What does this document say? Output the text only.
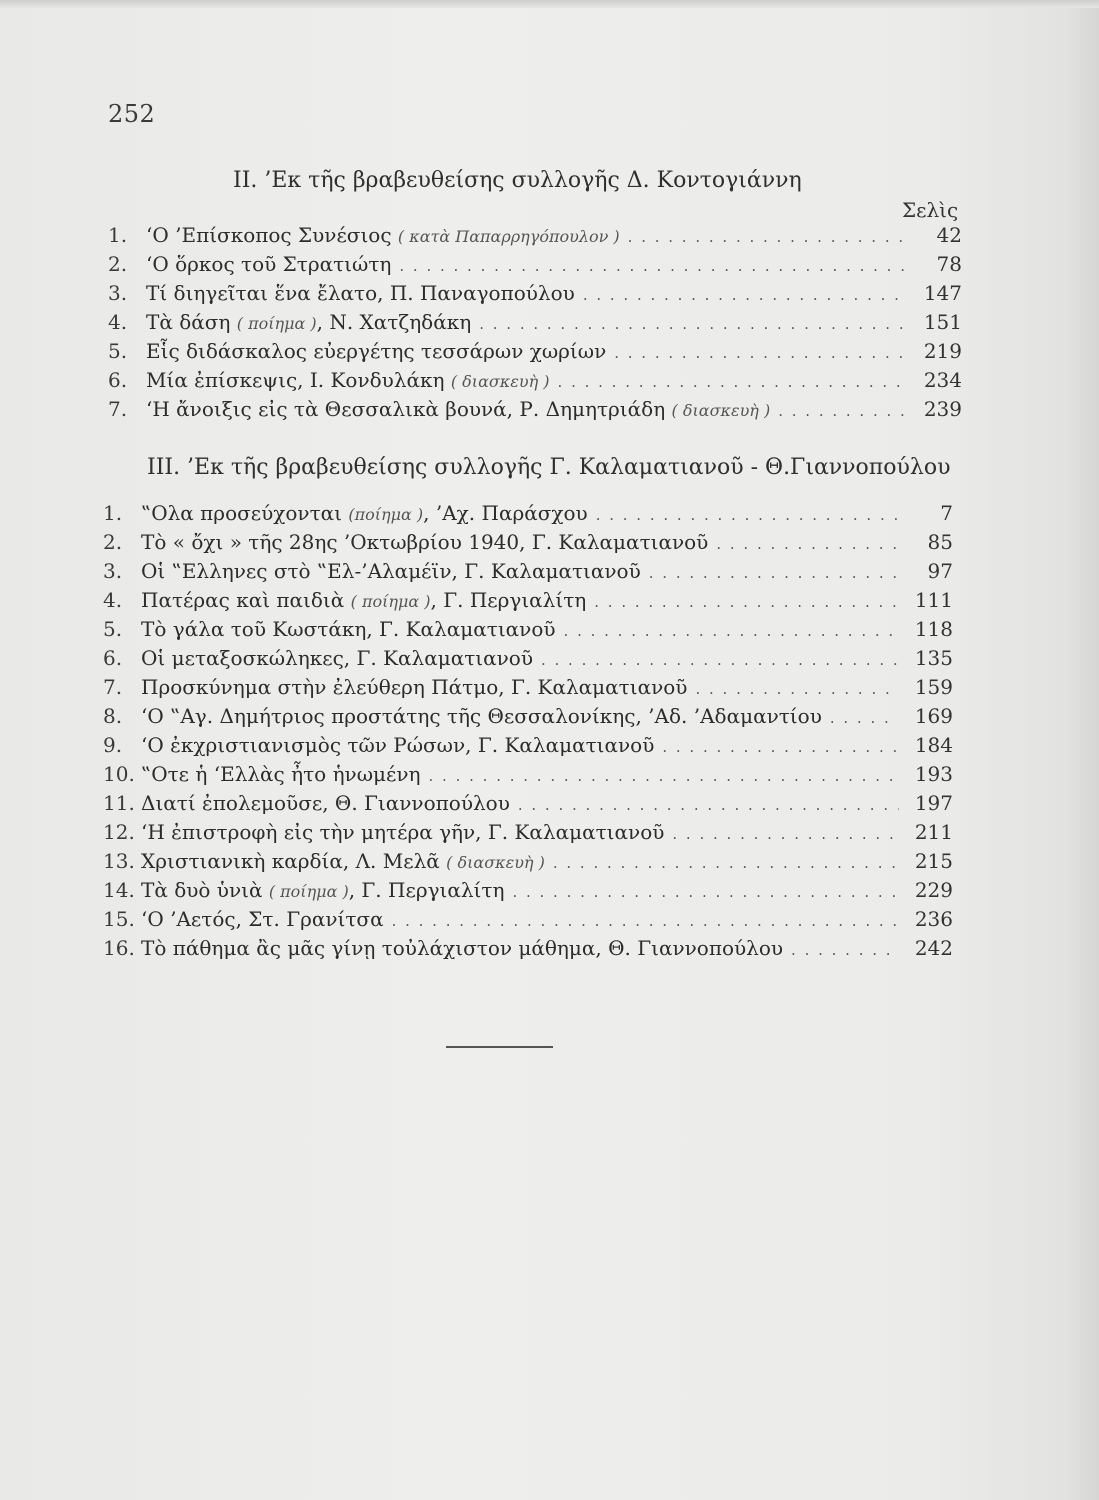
252
II. ’Εκ τῆς βραβευθείσης συλλογῆς Δ. Κοντογιάννη
Σελὶς
1. ‘Ο ’Επίσκοπος Συνέσιος
( κατὰ Παπαρρηγόπουλον ) . . .	42
2. ‘Ο ὅρκος τοῦ Στρατιώτη . . .	78
3. Τί διηγεῖται ἕνα ἔλατο, Π. Παναγοπούλου . . .	147
4. Τὰ δάση
( ποίημα ) , Ν. Χατζηδάκη . . .	151
5. Εἷς διδάσκαλος εὐεργέτης τεσσάρων χωρίων . . .	219
6. Μία ἐπίσκεψις, Ι. Κονδυλάκη
( διασκευὴ ) . . .	234
7. ‘Η ἄνοιξις εἰς τὰ Θεσσαλικὰ βουνά, Ρ. Δημητριάδη
( διασκευὴ ) . . .	239
III. ’Εκ τῆς βραβευθείσης συλλογῆς Γ. Καλαματιανοῦ - Θ.Γιαννοπούλου
1. ‟Ολα προσεύχονται
(ποίημα ) , ’Αχ. Παράσχου . . .	7
2. Τὸ « ὄχι » τῆς 28ης ’Οκτωβρίου 1940, Γ. Καλαματιανοῦ . . .	85
3. Οἱ ‟Ελληνες στὸ ‟Ελ-’Αλαμέϊν, Γ. Καλαματιανοῦ . . .	97
4. Πατέρας καὶ παιδιὰ
( ποίημα ) , Γ. Περγιαλίτη . . .	111
5. Τὸ γάλα τοῦ Κωστάκη, Γ. Καλαματιανοῦ . . .	118
6. Οἱ μεταξοσκώληκες, Γ. Καλαματιανοῦ . . .	135
7. Προσκύνημα στὴν ἐλεύθερη Πάτμο, Γ. Καλαματιανοῦ . . .	159
8. ‘Ο ‟Αγ. Δημήτριος προστάτης τῆς Θεσσαλονίκης, ’Αδ. ’Αδαμαντίου . . .	169
9. ‘Ο ἐκχριστιανισμὸς τῶν Ρώσων, Γ. Καλαματιανοῦ . . .	184
10. ‟Οτε ἡ ‘Ελλὰς ἦτο ἡνωμένη . . .	193
11. Διατί ἐπολεμοῦσε, Θ. Γιαννοπούλου . . .	197
12. ‘Η ἐπιστροφὴ εἰς τὴν μητέρα γῆν, Γ. Καλαματιανοῦ . . .	211
13. Χριστιανικὴ καρδία, Λ. Μελᾶ
( διασκευὴ ) . . .	215
14. Τὰ δυὸ ὑνιὰ
( ποίημα ) , Γ. Περγιαλίτη . . .	229
15. ‘Ο ’Αετός, Στ. Γρανίτσα . . .	236
16. Τὸ πάθημα ἂς μᾶς γίνῃ τοὐλάχιστον μάθημα, Θ. Γιαννοπούλου . . .	242
